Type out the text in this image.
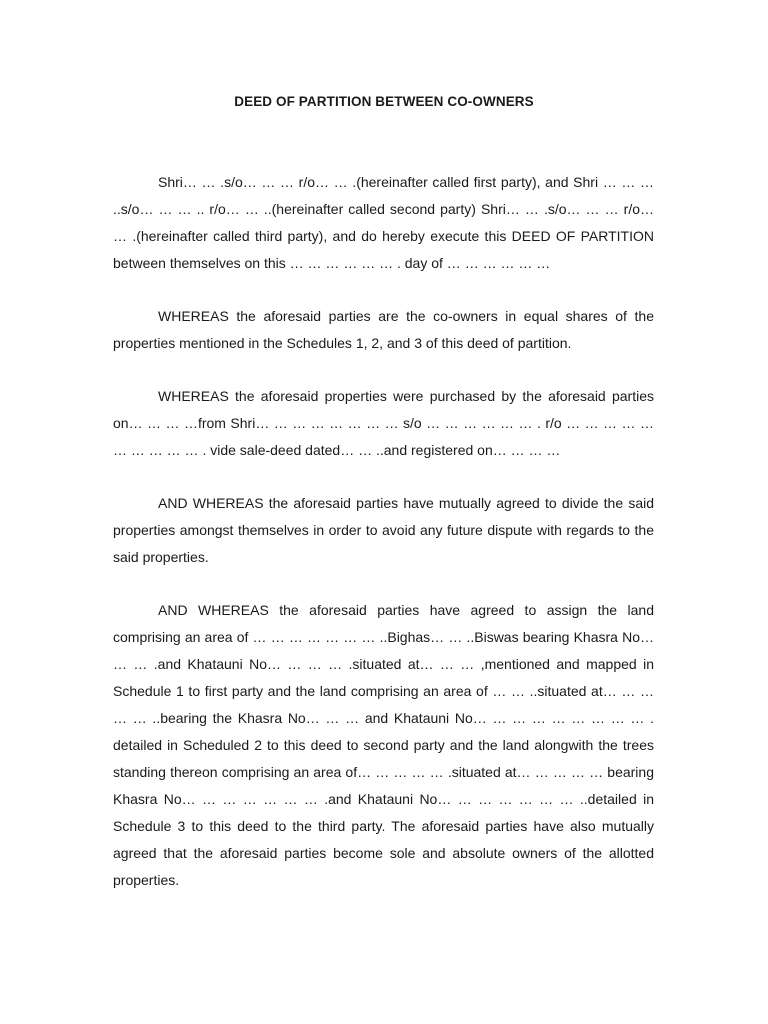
DEED OF PARTITION BETWEEN CO-OWNERS

Shri… … .s/o… … … r/o… … .(hereinafter called first party), and Shri … … … ..s/o… … … .. r/o… … ..(hereinafter called second party) Shri… … .s/o… … … r/o… … .(hereinafter called third party), and do hereby execute this DEED OF PARTITION between themselves on this … … … … … … . day of … … … … … …

WHEREAS the aforesaid parties are the co-owners in equal shares of the properties mentioned in the Schedules 1, 2, and 3 of this deed of partition.

WHEREAS the aforesaid properties were purchased by the aforesaid parties on… … … …from Shri… … … … … … … … s/o … … … … … … . r/o … … … … … … … … … … . vide sale-deed dated… … ..and registered on… … … …

AND WHEREAS the aforesaid parties have mutually agreed to divide the said properties amongst themselves in order to avoid any future dispute with regards to the said properties.

AND WHEREAS the aforesaid parties have agreed to assign the land comprising an area of … … … … … … … ..Bighas… … ..Biswas bearing Khasra No… … … .and Khatauni No… … … … .situated at… … … ,mentioned and mapped in Schedule 1 to first party and the land comprising an area of … … ..situated at… … … … … ..bearing the Khasra No… … … and Khatauni No… … … … … … … … … . detailed in Scheduled 2 to this deed to second party and the land alongwith the trees standing thereon comprising an area of… … … … … .situated at… … … … … bearing Khasra No… … … … … … … .and Khatauni No… … … … … … … ..detailed in Schedule 3 to this deed to the third party. The aforesaid parties have also mutually agreed that the aforesaid parties become sole and absolute owners of the allotted properties.
